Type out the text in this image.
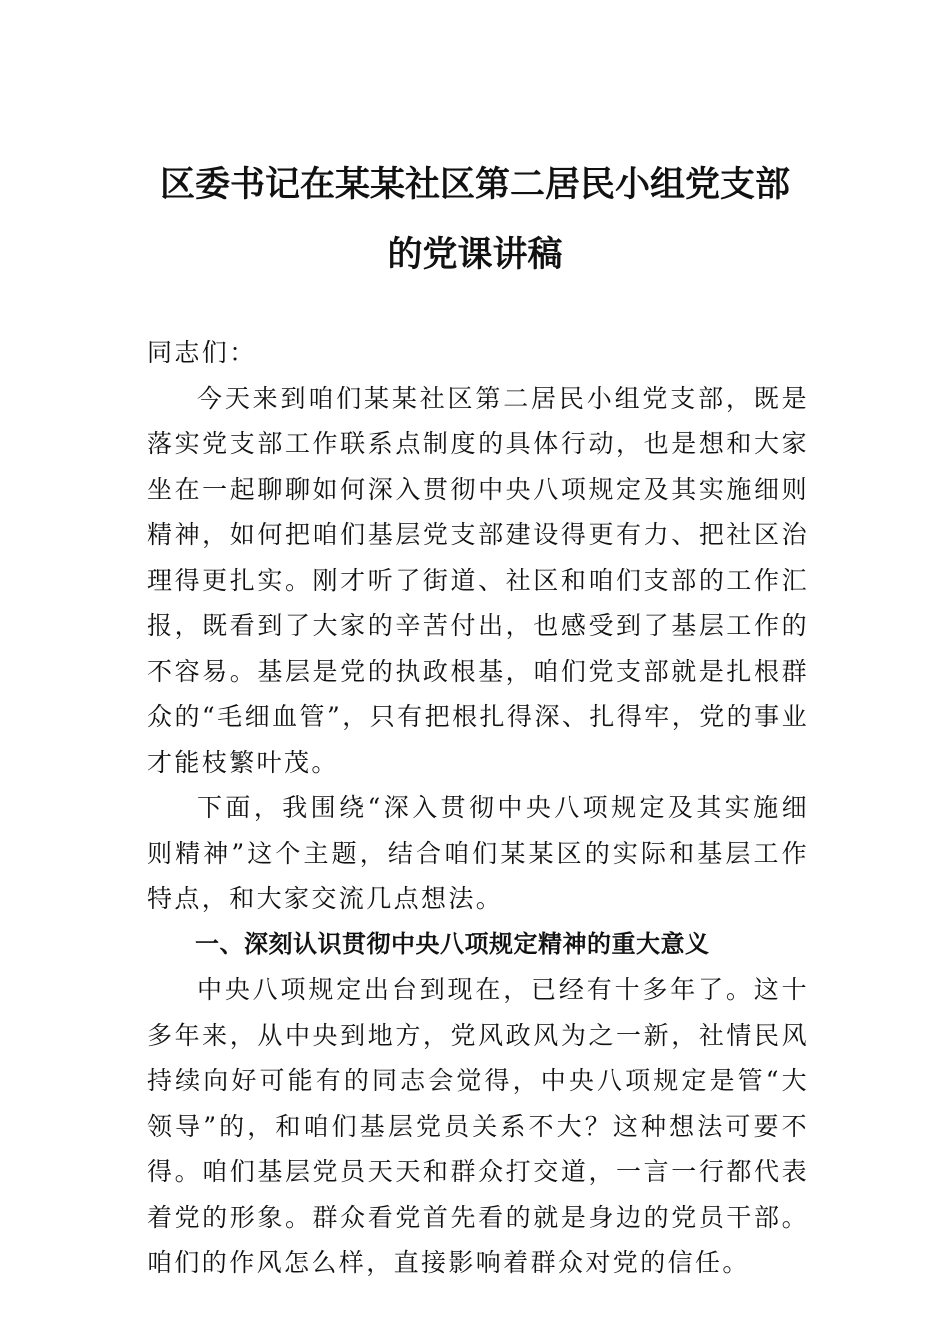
区委书记在某某社区第二居民小组党支部
的党课讲稿

同志们：

今天来到咱们某某社区第二居民小组党支部，既是落实党支部工作联系点制度的具体行动，也是想和大家坐在一起聊聊如何深入贯彻中央八项规定及其实施细则精神，如何把咱们基层党支部建设得更有力、把社区治理得更扎实。刚才听了街道、社区和咱们支部的工作汇报，既看到了大家的辛苦付出，也感受到了基层工作的不容易。基层是党的执政根基，咱们党支部就是扎根群众的“毛细血管”，只有把根扎得深、扎得牢，党的事业才能枝繁叶茂。

下面，我围绕“深入贯彻中央八项规定及其实施细则精神”这个主题，结合咱们某某区的实际和基层工作特点，和大家交流几点想法。

一、深刻认识贯彻中央八项规定精神的重大意义

中央八项规定出台到现在，已经有十多年了。这十多年来，从中央到地方，党风政风为之一新，社情民风持续向好可能有的同志会觉得，中央八项规定是管“大领导”的，和咱们基层党员关系不大？这种想法可要不得。咱们基层党员天天和群众打交道，一言一行都代表着党的形象。群众看党首先看的就是身边的党员干部。咱们的作风怎么样，直接影响着群众对党的信任。
